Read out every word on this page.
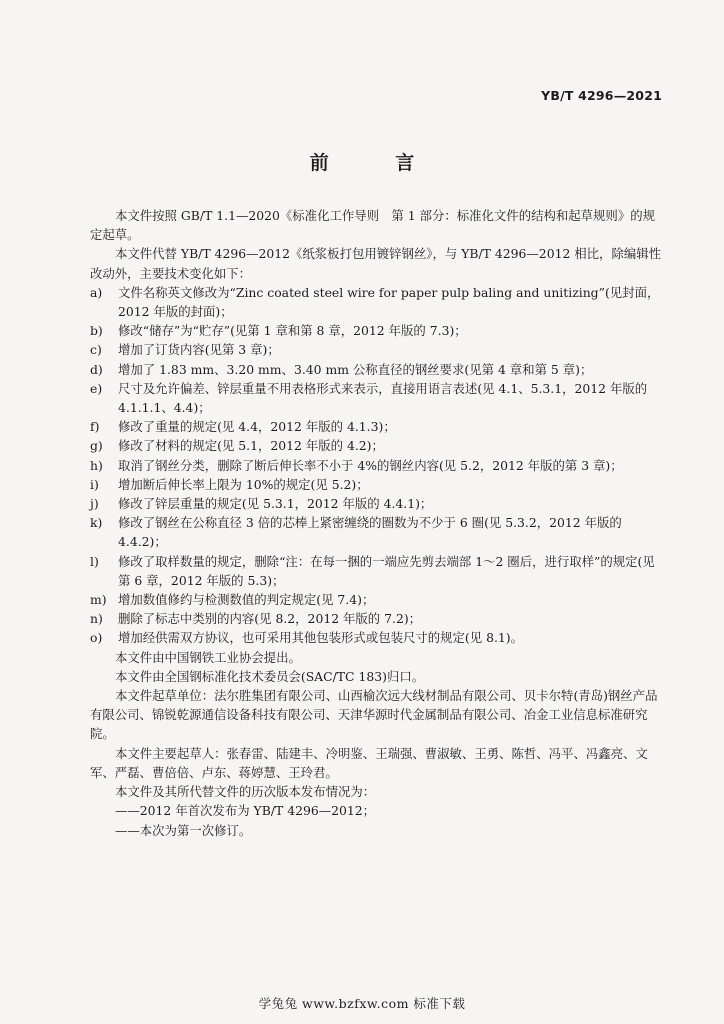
YB/T 4296—2021
前 言

本文件按照 GB/T 1.1—2020《标准化工作导则　第 1 部分：标准化文件的结构和起草规则》的规定起草。

本文件代替 YB/T 4296—2012《纸浆板打包用镀锌钢丝》，与 YB/T 4296—2012 相比，除编辑性改动外，主要技术变化如下：

a) 文件名称英文修改为“Zinc coated steel wire for paper pulp baling and unitizing”(见封面，2012 年版的封面)；
b) 修改“储存”为“贮存”(见第 1 章和第 8 章，2012 年版的 7.3)；
c) 增加了订货内容(见第 3 章)；
d) 增加了 1.83 mm、3.20 mm、3.40 mm 公称直径的钢丝要求(见第 4 章和第 5 章)；
e) 尺寸及允许偏差、锌层重量不用表格形式来表示，直接用语言表述(见 4.1、5.3.1，2012 年版的 4.1.1.1、4.4)；
f) 修改了重量的规定(见 4.4，2012 年版的 4.1.3)；
g) 修改了材料的规定(见 5.1，2012 年版的 4.2)；
h) 取消了钢丝分类，删除了断后伸长率不小于 4%的钢丝内容(见 5.2，2012 年版的第 3 章)；
i) 增加断后伸长率上限为 10%的规定(见 5.2)；
j) 修改了锌层重量的规定(见 5.3.1，2012 年版的 4.4.1)；
k) 修改了钢丝在公称直径 3 倍的芯棒上紧密缠绕的圈数为不少于 6 圈(见 5.3.2，2012 年版的 4.4.2)；
l) 修改了取样数量的规定，删除“注：在每一捆的一端应先剪去端部 1～2 圈后，进行取样”的规定(见第 6 章，2012 年版的 5.3)；
m) 增加数值修约与检测数值的判定规定(见 7.4)；
n) 删除了标志中类别的内容(见 8.2，2012 年版的 7.2)；
o) 增加经供需双方协议，也可采用其他包装形式或包装尺寸的规定(见 8.1)。

本文件由中国钢铁工业协会提出。

本文件由全国钢标准化技术委员会(SAC/TC 183)归口。

本文件起草单位：法尔胜集团有限公司、山西榆次远大线材制品有限公司、贝卡尔特(青岛)钢丝产品有限公司、锦锐乾源通信设备科技有限公司、天津华源时代金属制品有限公司、冶金工业信息标准研究院。

本文件主要起草人：张春雷、陆建丰、冷明鉴、王瑞强、曹淑敏、王勇、陈哲、冯平、冯鑫亮、文军、严磊、曹倍倍、卢东、蒋婷慧、王玲君。

本文件及其所代替文件的历次版本发布情况为：

——2012 年首次发布为 YB/T 4296—2012；

——本次为第一次修订。

学兔兔 www.bzfxw.com 标准下载
